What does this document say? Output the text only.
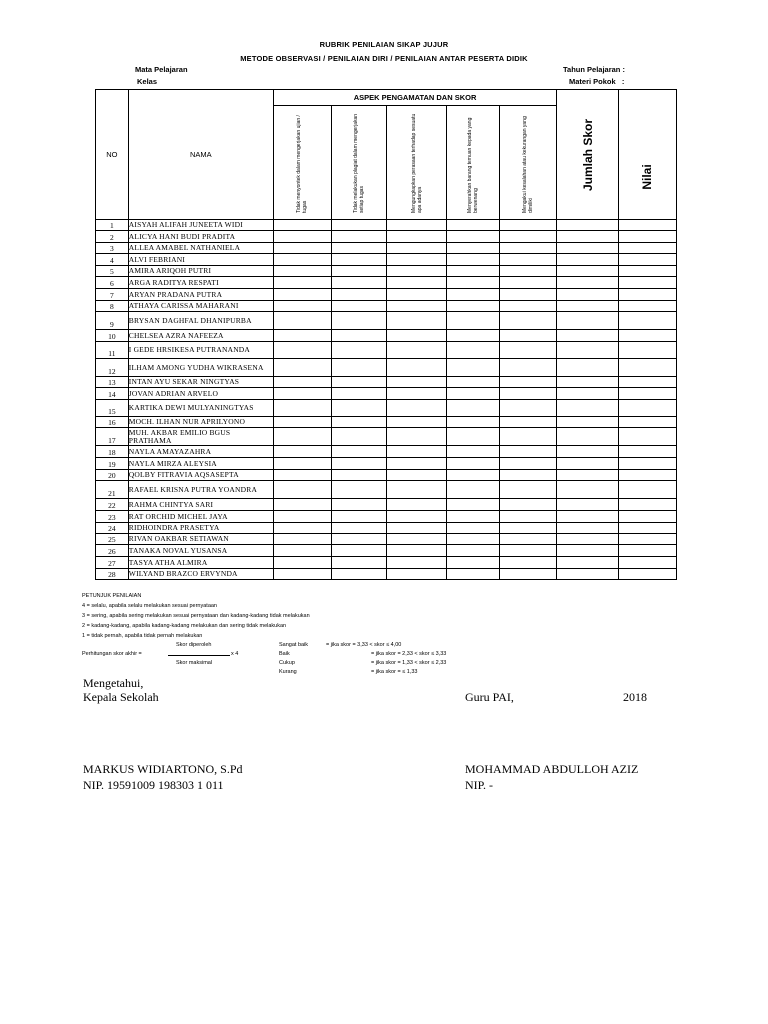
RUBRIK PENILAIAN SIKAP JUJUR
METODE OBSERVASI / PENILAIAN DIRI / PENILAIAN ANTAR PESERTA DIDIK
Mata Pelajaran
Kelas
Tahun Pelajaran :
Materi Pokok   :
NO	NAMA	ASPEK PENGAMATAN DAN SKOR					Jumlah Skor	Nilai

		Tidak menyontek dalam mengerjakan ujian / tugas	Tidak melakukan plagiat dalam mengerjakan setiap tugas	Mengungkapkan perasaan terhadap sesuatu apa adanya	Menyerahkan barang temuan kepada yang berwenang	Mengakui kesalahan atau kekurangan yang dimiliki		

1	AISYAH ALIFAH JUNEETA WIDI							
2	ALICYA HANI BUDI PRADITA							
3	ALLEA AMABEL NATHANIELA							
4	ALVI FEBRIANI							
5	AMIRA ARIQOH PUTRI							
6	ARGA RADITYA RESPATI							
7	ARYAN PRADANA PUTRA							
8	ATHAYA CARISSA MAHARANI							
9	BRYSAN DAGHFAL DHANIPURBA							
10	CHELSEA AZRA NAFEEZA							
11	I GEDE HRSIKESA PUTRANANDA							
12	ILHAM AMONG YUDHA WIKRASENA							
13	INTAN AYU SEKAR NINGTYAS							
14	JOVAN ADRIAN ARVELO							
15	KARTIKA DEWI MULYANINGTYAS							
16	MOCH. ILHAN NUR APRILYONO							
17	MUH. AKBAR EMILIO BGUS PRATHAMA							
18	NAYLA AMAYAZAHRA							
19	NAYLA MIRZA ALEYSIA							
20	QOLBY FITRAVIA AQSASEPTA							
21	RAFAEL KRISNA PUTRA YOANDRA							
22	RAHMA CHINTYA SARI							
23	RAT ORCHID MICHEL JAYA							
24	RIDHOINDRA PRASETYA							
25	RIVAN OAKBAR SETIAWAN							
26	TANAKA NOVAL YUSANSA							
27	TASYA ATHA ALMIRA							
28	WILYAND BRAZCO ERVYNDA							
PETUNJUK PENILAIAN
4 = selalu, apabila selalu melakukan sesuai pernyataan
3 = sering, apabila sering melakukan sesuai pernyataan dan kadang-kadang tidak melakukan
2 = kadang-kadang, apabila kadang-kadang melakukan dan sering tidak melakukan
1 = tidak pernah, apabila tidak pernah melakukan
Skor diperoleh
Perhitungan skor akhir =	x 4
Skor maksimal
Sangat baik	= jika skor = 3,33 < skor ≤ 4,00
Baik	= jika skor = 2,33 < skor ≤ 3,33
Cukup	= jika skor = 1,33 < skor ≤ 2,33
Kurang	= jika skor = ≤ 1,33
Mengetahui,
Kepala Sekolah	Guru PAI,	2018
MARKUS WIDIARTONO, S.Pd
NIP. 19591009 198303 1 011
MOHAMMAD ABDULLOH AZIZ
NIP. -
